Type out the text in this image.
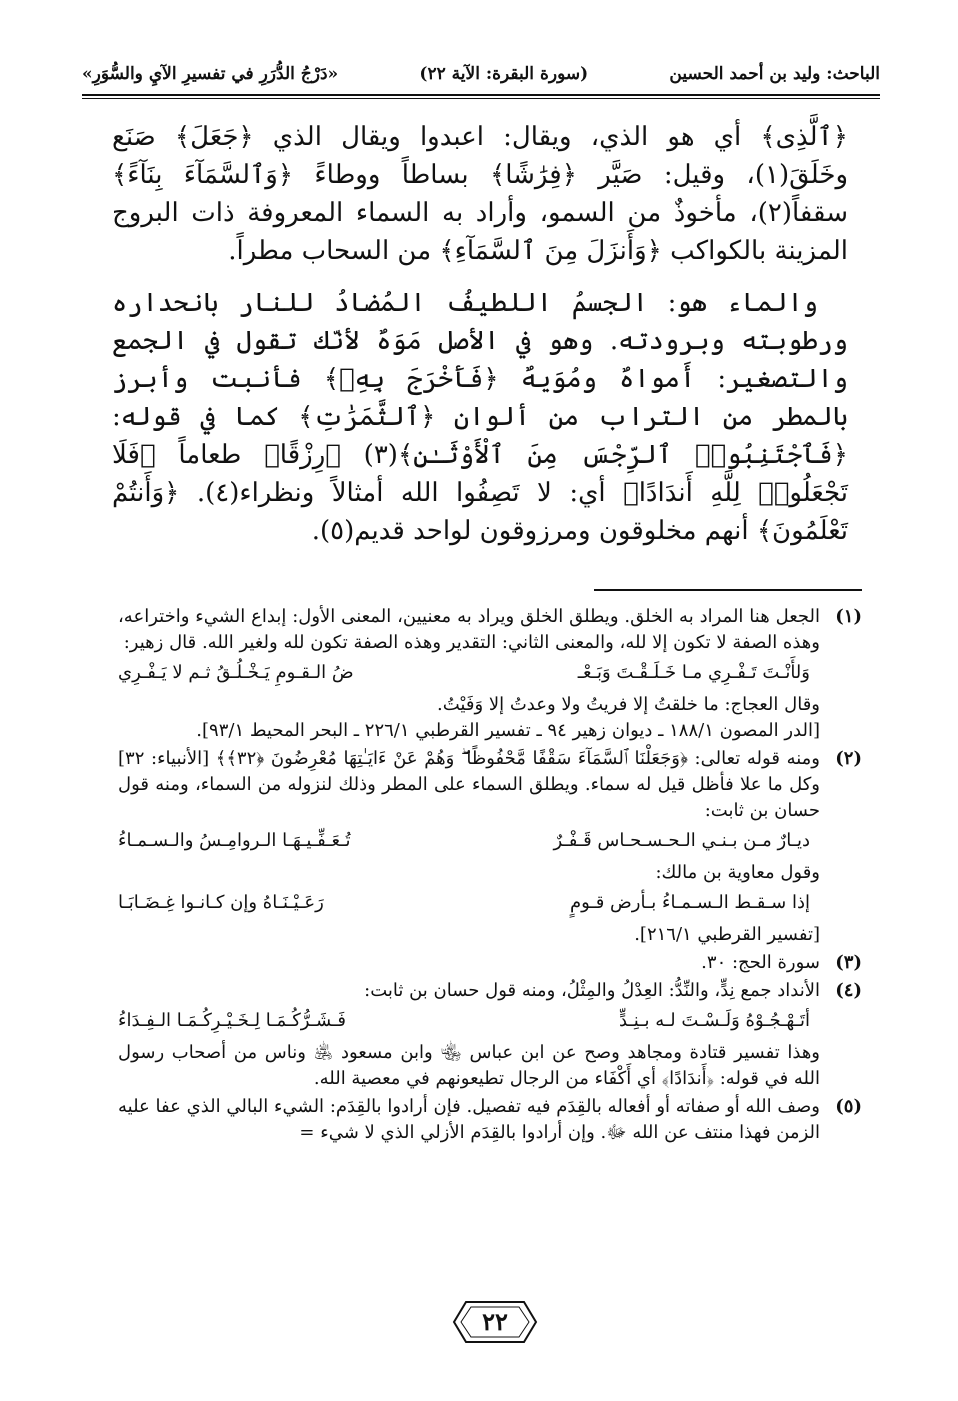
الباحث: وليد بن أحمد الحسين
(سورة البقرة: الآية ٢٢)
«دَرْجُ الدُّرَرِ في تفسيرِ الآيِ والسُّوَرِ»

﴿ٱلَّذِى﴾ أي هو الذي، ويقال: اعبدوا ويقال الذي ﴿جَعَلَ﴾ صَنَع وخَلَقَ(١)، وقيل: صَيَّر ﴿فِرَٰشًا﴾ بساطاً ووطاءً ﴿وَٱلسَّمَآءَ بِنَآءً﴾ سقفاً(٢)، مأخوذٌ من السمو، وأراد به السماء المعروفة ذات البروج المزينة بالكواكب ﴿وَأَنزَلَ مِنَ ٱلسَّمَآءِ﴾ من السحاب مطراً.

والماء هو: الجسمُ اللطيفُ المُضادُ للنار بانحداره ورطوبته وبرودته. وهو في الأصل مَوَهٌ لأنّك تقول في الجمع والتصغير: أَمواهٌ ومُوَيهٌ ﴿فَأَخْرَجَ بِهِۦ﴾ فأنبت وأبرز بالمطر من التراب من ألوان ﴿ٱلثَّمَرَٰتِ﴾ كما في قوله: ﴿فَٱجْتَنِبُوا۟ ٱلرِّجْسَ مِنَ ٱلْأَوْثَـٰنِ﴾(٣) ﴿رِزْقًا﴾ طعاماً ﴿فَلَا تَجْعَلُوا۟ لِلَّهِ أَندَادًا﴾ أي: لا تَصِفُوا الله أمثالاً ونظراء(٤). ﴿وَأَنتُمْ تَعْلَمُونَ﴾ أنهم مخلوقون ومرزوقون لواحد قديم(٥).

(١)
الجعل هنا المراد به الخلق. ويطلق الخلق ويراد به معنيين، المعنى الأول: إبداع الشيء واختراعه، وهذه الصفة لا تكون إلا لله، والمعنى الثاني: التقدير وهذه الصفة تكون لله ولغير الله. قال زهير:
وَلأَنْـتَ تَـفْـرِي مـا خَـلَـقْـتَ وَبَـعْـ
ضُ الـقـومِ يَـخْـلُـقُ ثـم لا يَـفْـرِي
وقال العجاج: ما خلقتُ إلا فريتُ ولا وعدتُ إلا وَفَيْتُ.
[الدر المصون ١٨٨/١ ـ ديوان زهير ٩٤ ـ تفسير القرطبي ٢٢٦/١ ـ البحر المحيط ٩٣/١].
(٢)
ومنه قوله تعالى: ﴿وَجَعَلْنَا ٱلسَّمَآءَ سَقْفًا مَّحْفُوظًا ۖ وَهُمْ عَنْ ءَايَـٰتِهَا مُعْرِضُونَ ﴿٣٢﴾﴾ [الأنبياء: ٣٢] وكل ما علا فأظل قيل له سماء. ويطلق السماء على المطر وذلك لنزوله من السماء، ومنه قول حسان بن ثابت:
ديـارٌ مـن بـنـي الـحـسـحـاس قَـفْـرٌ
تُـعَـفِّـيـهَـا الـروامِـسُ والـسـمـاءُ
وقول معاوية بن مالك:
إذا سـقـط الـسـمـاءُ بـأرض قـومٍ
رَعَـيْـنَـاهُ وإن كـانـوا غِـضَـابَـا
[تفسير القرطبي ٢١٦/١].
(٣)
سورة الحج: ٣٠.
(٤)
الأنداد جمع نِدٍّ، والنِّدُّ: العِدْلُ والمِثْلُ، ومنه قول حسان بن ثابت:
أتَـهْـجُـوْهُ وَلَـسْـتَ لـه بـنِـدٍّ
فَـشَـرُّكُـمَـا لِـخَـيْـرِكُـمَـا الـفِـدَاءُ
وهذا تفسير قتادة ومجاهد وصح عن ابن عباس ﵄ وابن مسعود ﵁ وناس من أصحاب رسول الله في قوله: ﴿أَندَادًا﴾ أي أَكْفَاء من الرجال تطيعونهم في معصية الله.
(٥)
وصف الله أو صفاته أو أفعاله بالقِدَم فيه تفصيل. فإن أرادوا بالقِدَم: الشيء البالي الذي عفا عليه الزمن فهذا منتف عن الله ﷻ. وإن أرادوا بالقِدَم الأزلي الذي لا شيء =
٢٢
